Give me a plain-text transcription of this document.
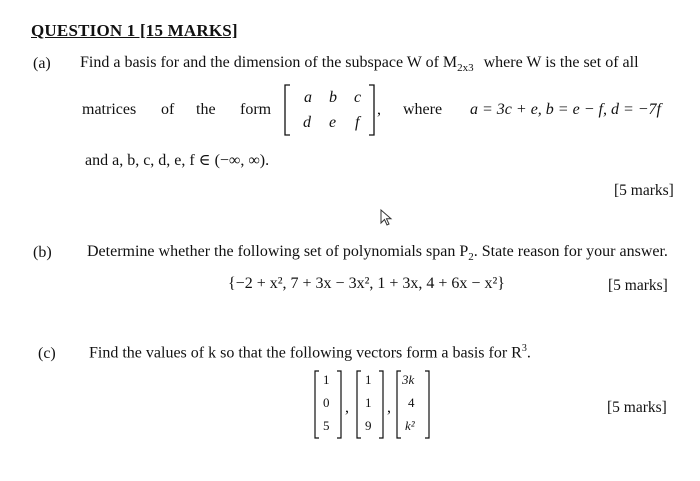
QUESTION 1 [15 MARKS]
(a) Find a basis for and the dimension of the subspace W of $M_{2x3}$ where W is the set of all
matrices of the form
a b c
d e f
, where a = 3c + e, b = e − f, d = −7f
and a, b, c, d, e, f ∈ (−∞, ∞).
[5 marks]
(b) Determine whether the following set of polynomials span $P_2$. State reason for your answer.
{−2 + x², 7 + 3x − 3x², 1 + 3x, 4 + 6x − x²}	[5 marks]
(c) Find the values of k so that the following vectors form a basis for $R^3$.
1
0
5
,
1
1
9
,
3k
4
k²
[5 marks]
